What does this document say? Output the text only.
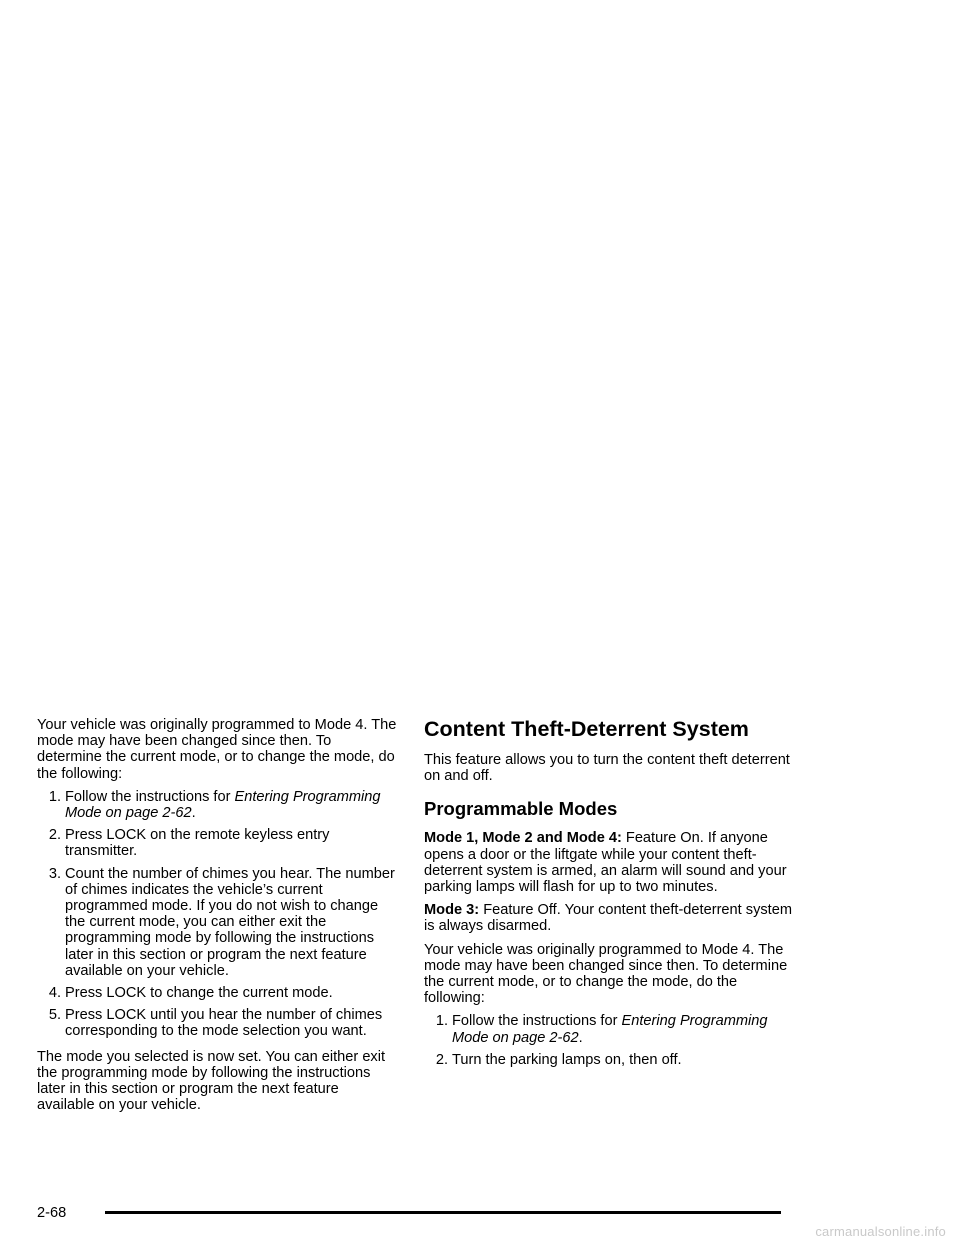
Your vehicle was originally programmed to Mode 4. The mode may have been changed since then. To determine the current mode, or to change the mode, do the following:

1. Follow the instructions for Entering Programming Mode on page 2-62.
2. Press LOCK on the remote keyless entry transmitter.
3. Count the number of chimes you hear. The number of chimes indicates the vehicle’s current programmed mode. If you do not wish to change the current mode, you can either exit the programming mode by following the instructions later in this section or program the next feature available on your vehicle.
4. Press LOCK to change the current mode.
5. Press LOCK until you hear the number of chimes corresponding to the mode selection you want.

The mode you selected is now set. You can either exit the programming mode by following the instructions later in this section or program the next feature available on your vehicle.

Content Theft-Deterrent System

This feature allows you to turn the content theft deterrent on and off.

Programmable Modes

Mode 1, Mode 2 and Mode 4: Feature On. If anyone opens a door or the liftgate while your content theft-deterrent system is armed, an alarm will sound and your parking lamps will flash for up to two minutes.

Mode 3: Feature Off. Your content theft-deterrent system is always disarmed.

Your vehicle was originally programmed to Mode 4. The mode may have been changed since then. To determine the current mode, or to change the mode, do the following:

1. Follow the instructions for Entering Programming Mode on page 2-62.
2. Turn the parking lamps on, then off.
2-68
carmanualsonline.info
